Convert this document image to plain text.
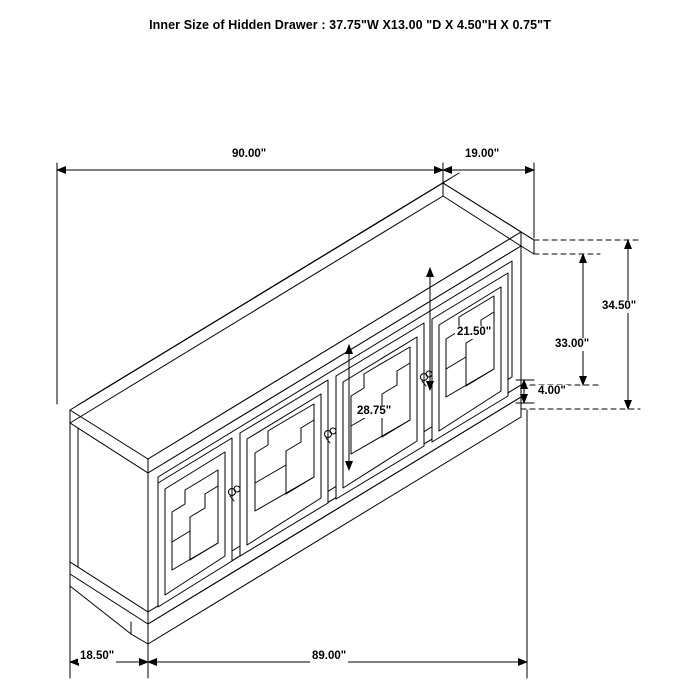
Inner Size of Hidden Drawer : 37.75"W X13.00 "D X 4.50"H X 0.75"T
90.00"	19.00"
34.50"
33.00"
21.50"
28.75"
4.00"
18.50"	89.00"
